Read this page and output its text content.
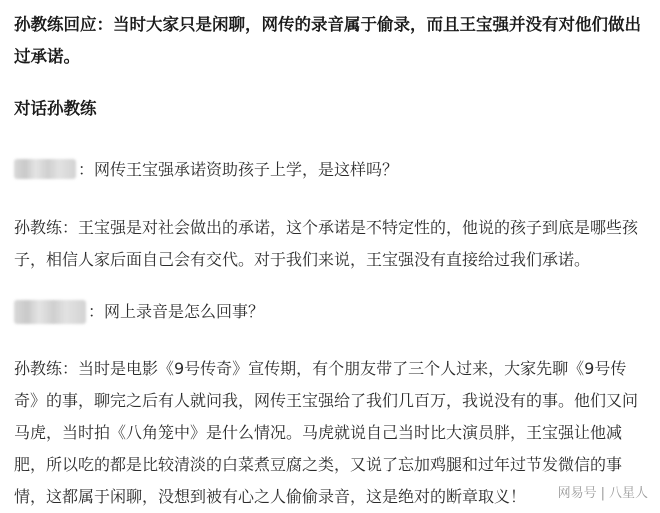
孙教练回应：当时大家只是闲聊，网传的录音属于偷录，而且王宝强并没有对他们做出过承诺。

对话孙教练

：网传王宝强承诺资助孩子上学，是这样吗？

孙教练：王宝强是对社会做出的承诺，这个承诺是不特定性的，他说的孩子到底是哪些孩子，相信人家后面自己会有交代。对于我们来说，王宝强没有直接给过我们承诺。

：网上录音是怎么回事？

孙教练：当时是电影《9号传奇》宣传期，有个朋友带了三个人过来，大家先聊《9号传奇》的事，聊完之后有人就问我，网传王宝强给了我们几百万，我说没有的事。他们又问马虎，当时拍《八角笼中》是什么情况。马虎就说自己当时比大演员胖，王宝强让他减肥，所以吃的都是比较清淡的白菜煮豆腐之类，又说了忘加鸡腿和过年过节发微信的事情，这都属于闲聊，没想到被有心之人偷偷录音，这是绝对的断章取义！	网易号 | 八星人
